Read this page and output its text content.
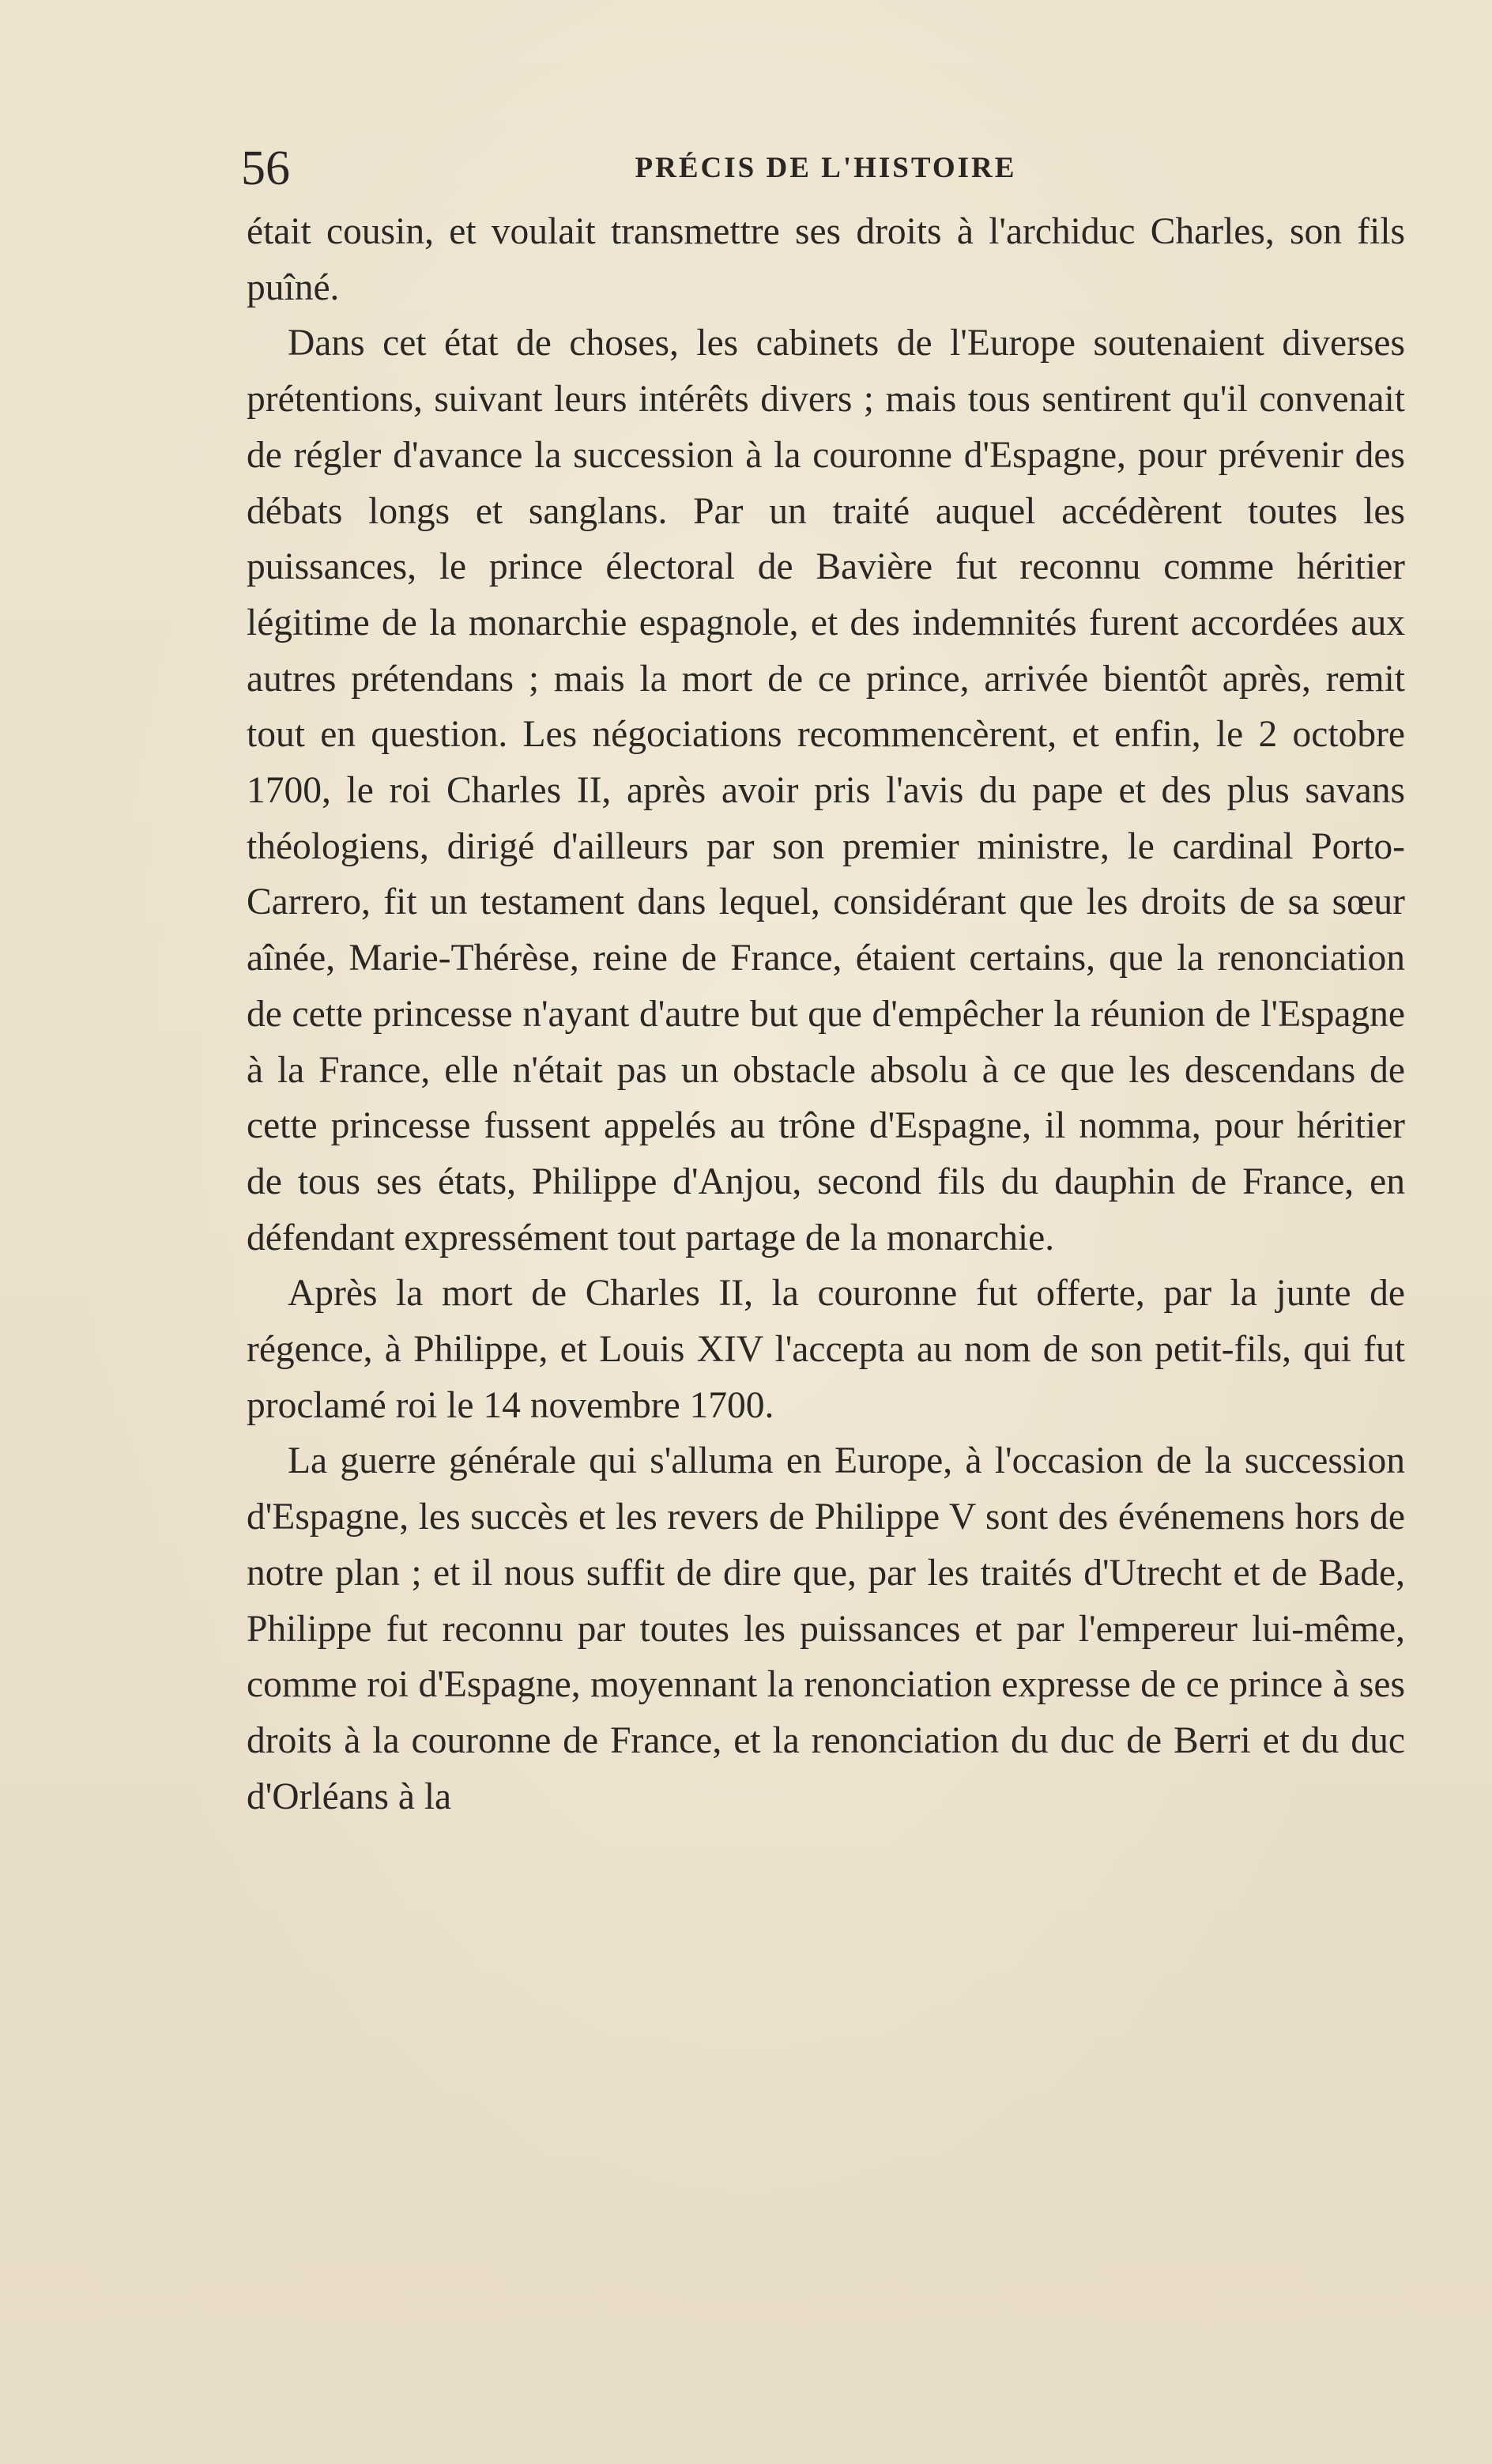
56	PRÉCIS DE L'HISTOIRE

était cousin, et voulait transmettre ses droits à l'archiduc Charles, son fils puîné.

Dans cet état de choses, les cabinets de l'Europe soutenaient diverses prétentions, suivant leurs intérêts divers ; mais tous sentirent qu'il convenait de régler d'avance la succession à la couronne d'Espagne, pour prévenir des débats longs et sanglans. Par un traité auquel accédèrent toutes les puissances, le prince électoral de Bavière fut reconnu comme héritier légitime de la monarchie espagnole, et des indemnités furent accordées aux autres prétendans ; mais la mort de ce prince, arrivée bientôt après, remit tout en question. Les négociations recommencèrent, et enfin, le 2 octobre 1700, le roi Charles II, après avoir pris l'avis du pape et des plus savans théologiens, dirigé d'ailleurs par son premier ministre, le cardinal Porto-Carrero, fit un testament dans lequel, considérant que les droits de sa sœur aînée, Marie-Thérèse, reine de France, étaient certains, que la renonciation de cette princesse n'ayant d'autre but que d'empêcher la réunion de l'Espagne à la France, elle n'était pas un obstacle absolu à ce que les descendans de cette princesse fussent appelés au trône d'Espagne, il nomma, pour héritier de tous ses états, Philippe d'Anjou, second fils du dauphin de France, en défendant expressément tout partage de la monarchie.

Après la mort de Charles II, la couronne fut offerte, par la junte de régence, à Philippe, et Louis XIV l'accepta au nom de son petit-fils, qui fut proclamé roi le 14 novembre 1700.

La guerre générale qui s'alluma en Europe, à l'occasion de la succession d'Espagne, les succès et les revers de Philippe V sont des événemens hors de notre plan ; et il nous suffit de dire que, par les traités d'Utrecht et de Bade, Philippe fut reconnu par toutes les puissances et par l'empereur lui-même, comme roi d'Espagne, moyennant la renonciation expresse de ce prince à ses droits à la couronne de France, et la renonciation du duc de Berri et du duc d'Orléans à la
